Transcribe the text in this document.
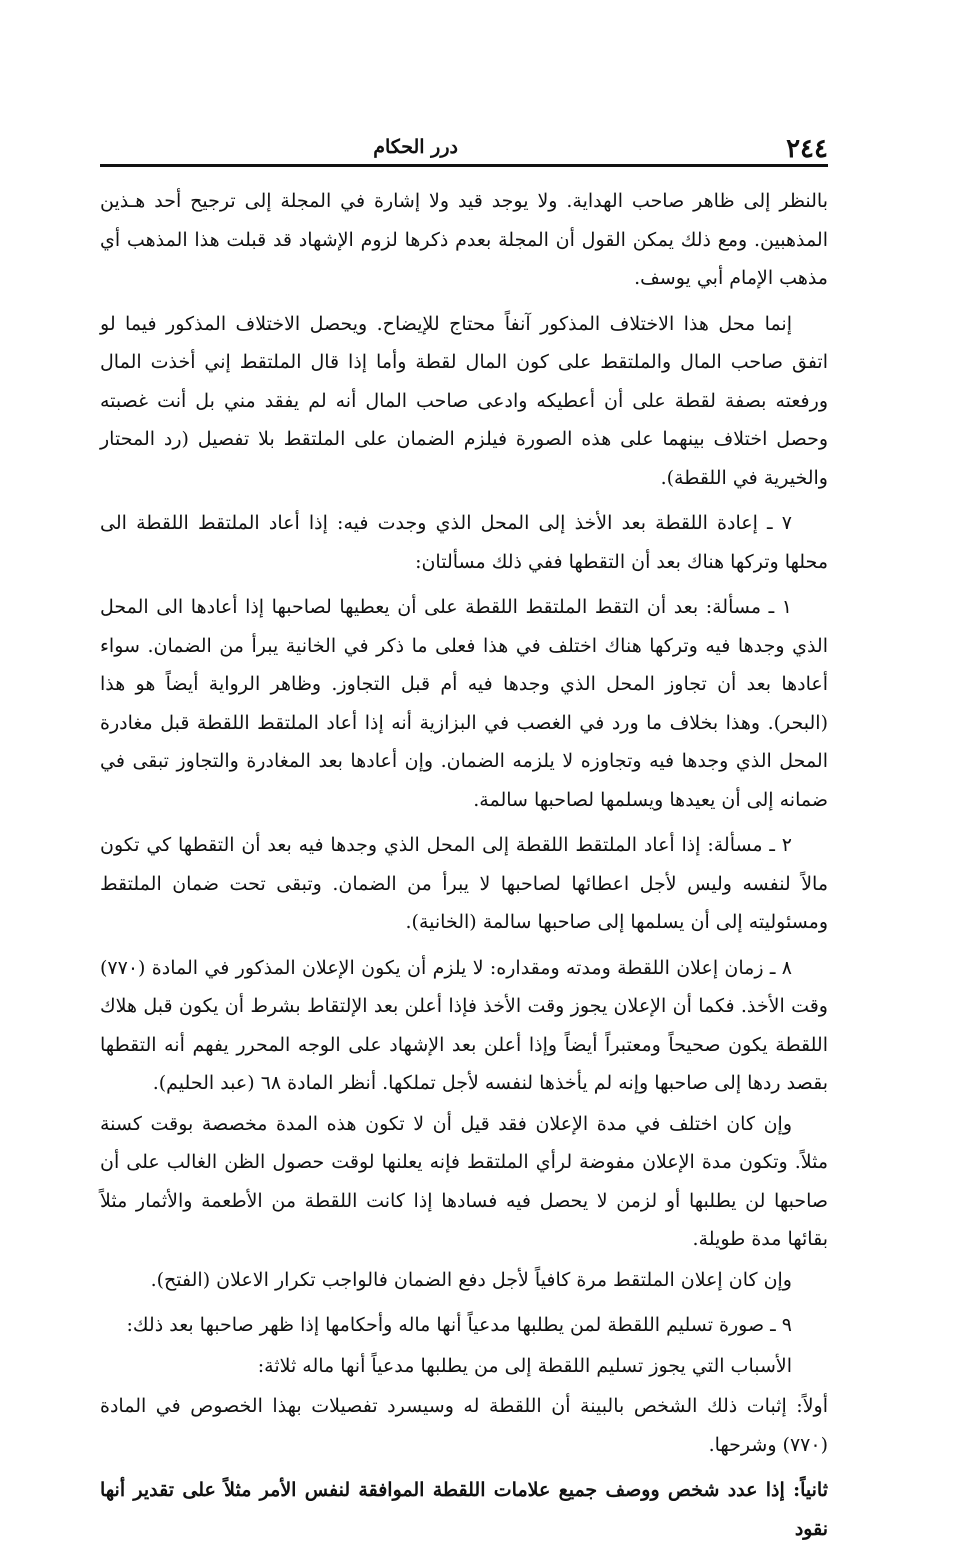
٢٤٤
درر الحكام

بالنظر إلى ظاهر صاحب الهداية. ولا يوجد قيد ولا إشارة في المجلة إلى ترجيح أحد هـذين المذهبين. ومع ذلك يمكن القول أن المجلة بعدم ذكرها لزوم الإشهاد قد قبلت هذا المذهب أي مذهب الإمام أبي يوسف.

إنما محل هذا الاختلاف المذكور آنفاً محتاج للإيضاح. ويحصل الاختلاف المذكور فيما لو اتفق صاحب المال والملتقط على كون المال لقطة وأما إذا قال الملتقط إني أخذت المال ورفعته بصفة لقطة على أن أعطيكه وادعى صاحب المال أنه لم يفقد مني بل أنت غصبته وحصل اختلاف بينهما على هذه الصورة فيلزم الضمان على الملتقط بلا تفصيل (رد المحتار والخيرية في اللقطة).

٧ ـ إعادة اللقطة بعد الأخذ إلى المحل الذي وجدت فيه: إذا أعاد الملتقط اللقطة الى محلها وتركها هناك بعد أن التقطها ففي ذلك مسألتان:

١ ـ مسألة: بعد أن التقط الملتقط اللقطة على أن يعطيها لصاحبها إذا أعادها الى المحل الذي وجدها فيه وتركها هناك اختلف في هذا فعلى ما ذكر في الخانية يبرأ من الضمان. سواء أعادها بعد أن تجاوز المحل الذي وجدها فيه أم قبل التجاوز. وظاهر الرواية أيضاً هو هذا (البحر). وهذا بخلاف ما ورد في الغصب في البزازية أنه إذا أعاد الملتقط اللقطة قبل مغادرة المحل الذي وجدها فيه وتجاوزه لا يلزمه الضمان. وإن أعادها بعد المغادرة والتجاوز تبقى في ضمانه إلى أن يعيدها ويسلمها لصاحبها سالمة.

٢ ـ مسألة: إذا أعاد الملتقط اللقطة إلى المحل الذي وجدها فيه بعد أن التقطها كي تكون مالاً لنفسه وليس لأجل اعطائها لصاحبها لا يبرأ من الضمان. وتبقى تحت ضمان الملتقط ومسئوليته إلى أن يسلمها إلى صاحبها سالمة (الخانية).

٨ ـ زمان إعلان اللقطة ومدته ومقداره: لا يلزم أن يكون الإعلان المذكور في المادة (٧٧٠) وقت الأخذ. فكما أن الإعلان يجوز وقت الأخذ فإذا أعلن بعد الإلتقاط بشرط أن يكون قبل هلاك اللقطة يكون صحيحاً ومعتبراً أيضاً وإذا أعلن بعد الإشهاد على الوجه المحرر يفهم أنه التقطها بقصد ردها إلى صاحبها وإنه لم يأخذها لنفسه لأجل تملكها. أنظر المادة ٦٨ (عبد الحليم).

وإن كان اختلف في مدة الإعلان فقد قيل أن لا تكون هذه المدة مخصصة بوقت كسنة مثلاً. وتكون مدة الإعلان مفوضة لرأي الملتقط فإنه يعلنها لوقت حصول الظن الغالب على أن صاحبها لن يطلبها أو لزمن لا يحصل فيه فسادها إذا كانت اللقطة من الأطعمة والأثمار مثلاً بقائها مدة طويلة.

وإن كان إعلان الملتقط مرة كافياً لأجل دفع الضمان فالواجب تكرار الاعلان (الفتح).

٩ ـ صورة تسليم اللقطة لمن يطلبها مدعياً أنها ماله وأحكامها إذا ظهر صاحبها بعد ذلك:

الأسباب التي يجوز تسليم اللقطة إلى من يطلبها مدعياً أنها ماله ثلاثة:

أولاً: إثبات ذلك الشخص بالبينة أن اللقطة له وسيسرد تفصيلات بهذا الخصوص في المادة (٧٧٠) وشرحها.

ثانياً: إذا عدد شخص ووصف جميع علامات اللقطة الموافقة لنفس الأمر مثلاً على تقدير أنها نقود
